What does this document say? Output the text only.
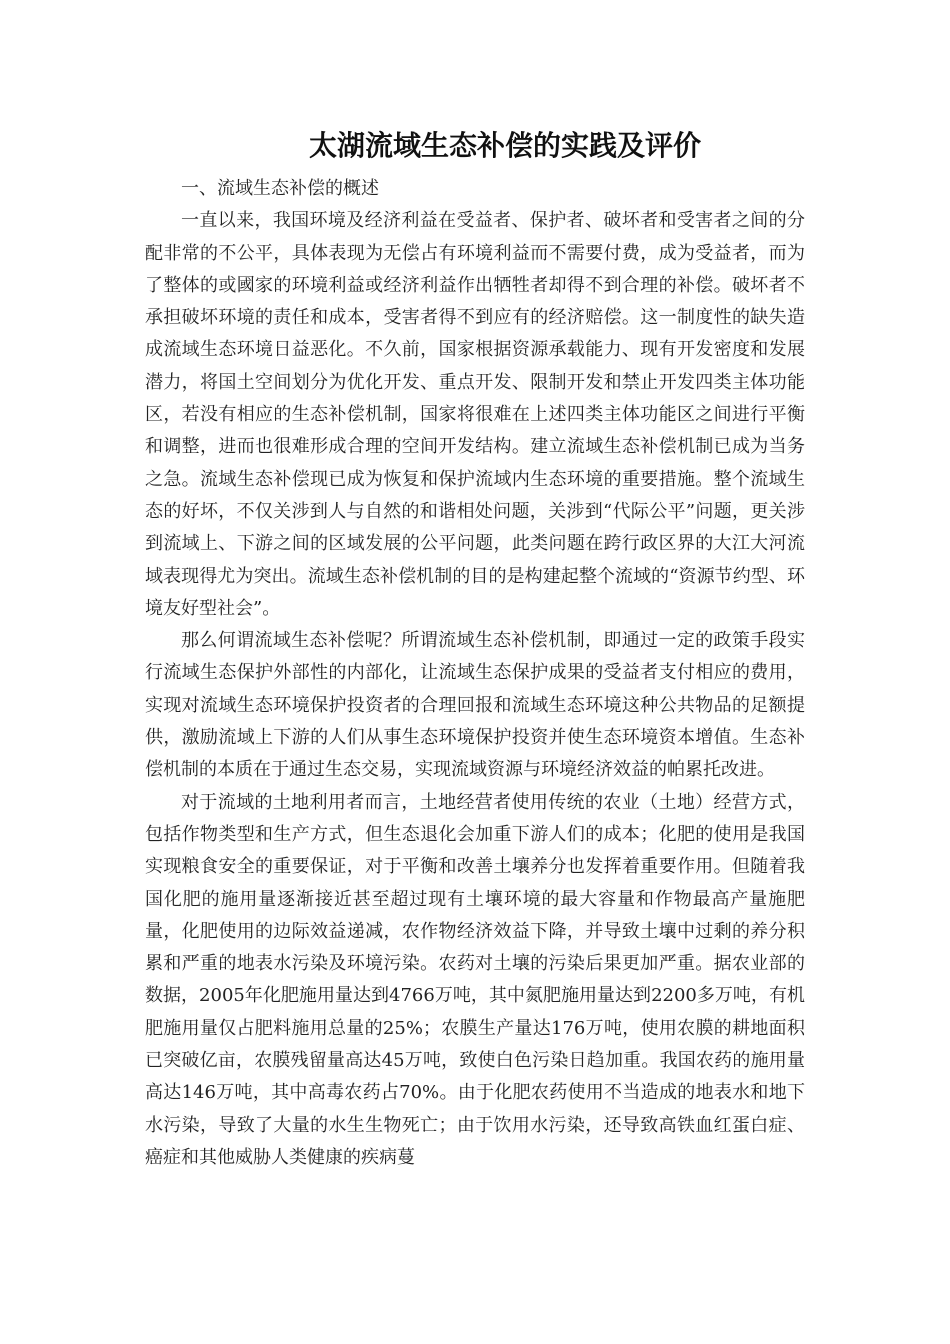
太湖流域生态补偿的实践及评价

一、流域生态补偿的概述

一直以来，我国环境及经济利益在受益者、保护者、破坏者和受害者之间的分配非常的不公平，具体表现为无偿占有环境利益而不需要付费，成为受益者，而为了整体的或國家的环境利益或经济利益作出牺牲者却得不到合理的补偿。破坏者不承担破坏环境的责任和成本，受害者得不到应有的经济赔偿。这一制度性的缺失造成流域生态环境日益恶化。不久前，国家根据资源承载能力、现有开发密度和发展潜力，将国土空间划分为优化开发、重点开发、限制开发和禁止开发四类主体功能区，若没有相应的生态补偿机制，国家将很难在上述四类主体功能区之间进行平衡和调整，进而也很难形成合理的空间开发结构。建立流域生态补偿机制已成为当务之急。流域生态补偿现已成为恢复和保护流域内生态环境的重要措施。整个流域生态的好坏，不仅关涉到人与自然的和谐相处问题，关涉到“代际公平”问题，更关涉到流域上、下游之间的区域发展的公平问题，此类问题在跨行政区界的大江大河流域表现得尤为突出。流域生态补偿机制的目的是构建起整个流域的“资源节约型、环境友好型社会”。

那么何谓流域生态补偿呢？所谓流域生态补偿机制，即通过一定的政策手段实行流域生态保护外部性的内部化，让流域生态保护成果的受益者支付相应的费用，实现对流域生态环境保护投资者的合理回报和流域生态环境这种公共物品的足额提供，激励流域上下游的人们从事生态环境保护投资并使生态环境资本增值。生态补偿机制的本质在于通过生态交易，实现流域资源与环境经济效益的帕累托改进。

对于流域的土地利用者而言，土地经营者使用传统的农业（土地）经营方式，包括作物类型和生产方式，但生态退化会加重下游人们的成本；化肥的使用是我国实现粮食安全的重要保证，对于平衡和改善土壤养分也发挥着重要作用。但随着我国化肥的施用量逐渐接近甚至超过现有土壤环境的最大容量和作物最高产量施肥量，化肥使用的边际效益递减，农作物经济效益下降，并导致土壤中过剩的养分积累和严重的地表水污染及环境污染。农药对土壤的污染后果更加严重。据农业部的数据，2005年化肥施用量达到4766万吨，其中氮肥施用量达到2200多万吨，有机肥施用量仅占肥料施用总量的25%；农膜生产量达176万吨，使用农膜的耕地面积已突破亿亩，农膜残留量高达45万吨，致使白色污染日趋加重。我国农药的施用量高达146万吨，其中高毒农药占70%。由于化肥农药使用不当造成的地表水和地下水污染，导致了大量的水生生物死亡；由于饮用水污染，还导致高铁血红蛋白症、癌症和其他威胁人类健康的疾病蔓
